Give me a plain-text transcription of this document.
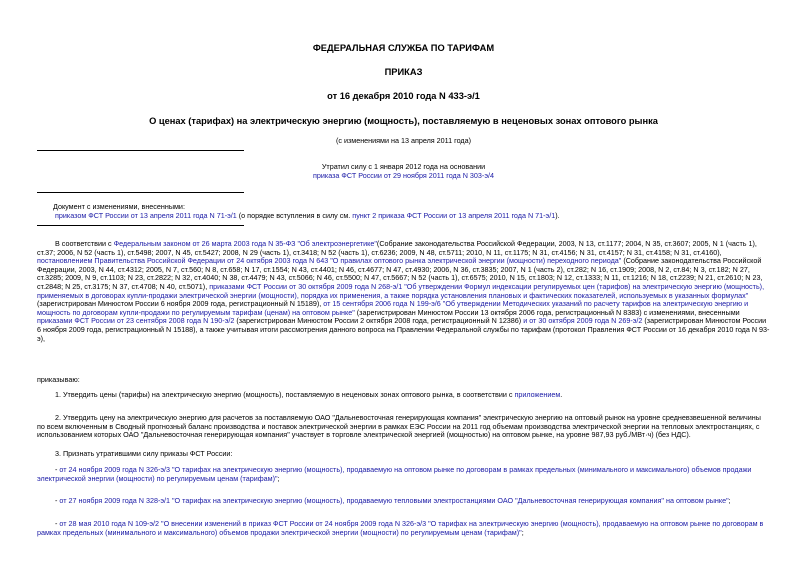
ФЕДЕРАЛЬНАЯ СЛУЖБА ПО ТАРИФАМ
ПРИКАЗ
от 16 декабря 2010 года N 433-э/1
О ценах (тарифах) на электрическую энергию (мощность), поставляемую в неценовых зонах оптового рынка
(с изменениями на 13 апреля 2011 года)
Утратил силу с 1 января 2012 года на основании
приказа ФСТ России от 29 ноября 2011 года N 303-э/4
Документ с изменениями, внесенными:
приказом ФСТ России от 13 апреля 2011 года N 71-э/1 (о порядке вступления в силу см. пункт 2 приказа ФСТ России от 13 апреля 2011 года N 71-э/1).
В соответствии с Федеральным законом от 26 марта 2003 года N 35-ФЗ "Об электроэнергетике"(Собрание законодательства Российской Федерации, 2003, N 13, ст.1177; 2004, N 35, ст.3607; 2005, N 1 (часть 1), ст.37; 2006, N 52 (часть 1), ст.5498; 2007, N 45, ст.5427; 2008, N 29 (часть 1), ст.3418; N 52 (часть 1), ст.6236; 2009, N 48, ст.5711; 2010, N 11, ст.1175; N 31, ст.4156; N 31, ст.4157; N 31, ст.4158; N 31, ст.4160), постановлением Правительства Российской Федерации от 24 октября 2003 года N 643 "О правилах оптового рынка электрической энергии (мощности) переходного периода" (Собрание законодательства Российской Федерации, 2003, N 44, ст.4312; 2005, N 7, ст.560; N 8, ст.658; N 17, ст.1554; N 43, ст.4401; N 46, ст.4677; N 47, ст.4930; 2006, N 36, ст.3835; 2007, N 1 (часть 2), ст.282; N 16, ст.1909; 2008, N 2, ст.84; N 3, ст.182; N 27, ст.3285; 2009, N 9, ст.1103; N 23, ст.2822; N 32, ст.4040; N 38, ст.4479; N 43, ст.5066; N 46, ст.5500; N 47, ст.5667; N 52 (часть 1), ст.6575; 2010, N 15, ст.1803; N 12, ст.1333; N 11, ст.1216; N 18, ст.2239; N 21, ст.2610; N 23, ст.2848; N 25, ст.3175; N 37, ст.4708; N 40, ст.5071), приказами ФСТ России от 30 октября 2009 года N 268-э/1 "Об утверждении Формул индексации регулируемых цен (тарифов) на электрическую энергию (мощность), применяемых в договорах купли-продажи электрической энергии (мощности), порядка их применения, а также порядка установления плановых и фактических показателей, используемых в указанных формулах" (зарегистрирован Минюстом России 6 ноября 2009 года, регистрационный N 15189), от 15 сентября 2006 года N 199-э/6 "Об утверждении Методических указаний по расчету тарифов на электрическую энергию и мощность по договорам купли-продажи по регулируемым тарифам (ценам) на оптовом рынке" (зарегистрирован Минюстом России 13 октября 2006 года, регистрационный N 8383) с изменениями, внесенными приказами ФСТ России от 23 сентября 2008 года N 190-э/2 (зарегистрирован Минюстом России 2 октября 2008 года, регистрационный N 12386) и от 30 октября 2009 года N 269-э/2 (зарегистрирован Минюстом России 6 ноября 2009 года, регистрационный N 15188), а также учитывая итоги рассмотрения данного вопроса на Правлении Федеральной службы по тарифам (протокол Правления ФСТ России от 16 декабря 2010 года N 93-э),
приказываю:
1. Утвердить цены (тарифы) на электрическую энергию (мощность), поставляемую в неценовых зонах оптового рынка, в соответствии с приложением.
2. Утвердить цену на электрическую энергию для расчетов за поставляемую ОАО "Дальневосточная генерирующая компания" электрическую энергию на оптовый рынок на уровне средневзвешенной величины по всем включенным в Сводный прогнозный баланс производства и поставок электрической энергии в рамках ЕЭС России на 2011 год объемам производства электрической энергии на тепловых электростанциях, с использованием которых ОАО "Дальневосточная генерирующая компания" участвует в торговле электрической энергией (мощностью) на оптовом рынке, на уровне 987,93 руб./МВт·ч) (без НДС).
3. Признать утратившими силу приказы ФСТ России:
- от 24 ноября 2009 года N 326-э/3 "О тарифах на электрическую энергию (мощность), продаваемую на оптовом рынке по договорам в рамках предельных (минимального и максимального) объемов продажи электрической энергии (мощности) по регулируемым ценам (тарифам)";
- от 27 ноября 2009 года N 328-э/1 "О тарифах на электрическую энергию (мощность), продаваемую тепловыми электростанциями ОАО "Дальневосточная генерирующая компания" на оптовом рынке";
- от 28 мая 2010 года N 109-э/2 "О внесении изменений в приказ ФСТ России от 24 ноября 2009 года N 326-э/3 "О тарифах на электрическую энергию (мощность), продаваемую на оптовом рынке по договорам в рамках предельных (минимального и максимального) объемов продажи электрической энергии (мощности) по регулируемым ценам (тарифам)";
